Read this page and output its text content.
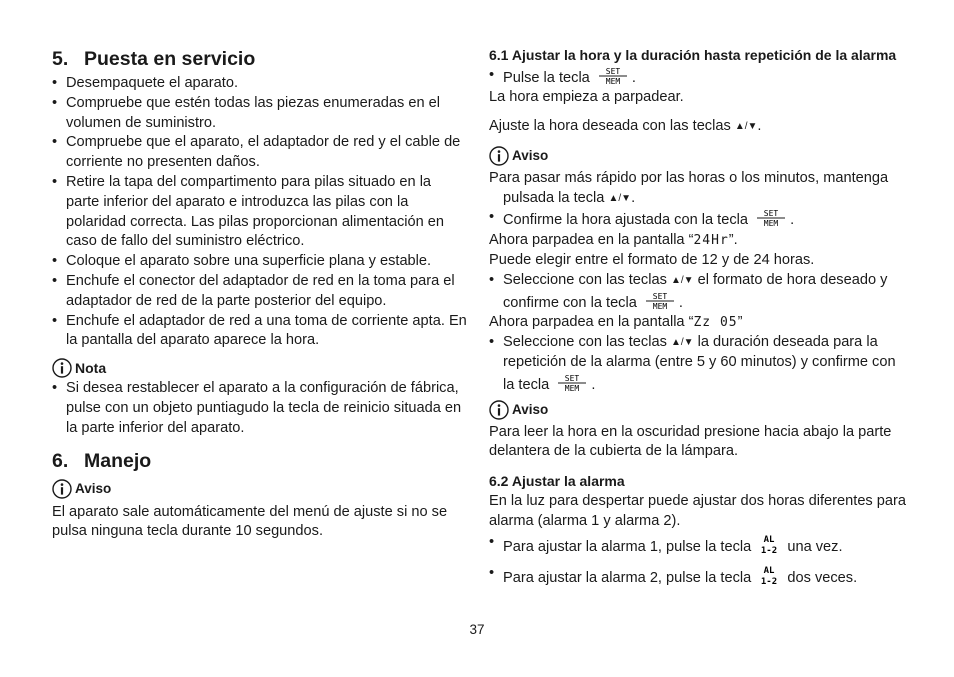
5. Puesta en servicio
• Desempaquete el aparato.
• Compruebe que estén todas las piezas enumeradas en el volumen de suministro.
• Compruebe que el aparato, el adaptador de red y el cable de corriente no presenten daños.
• Retire la tapa del compartimento para pilas situado en la parte inferior del aparato e introduzca las pilas con la polaridad correcta. Las pilas proporcionan alimentación en caso de fallo del suministro eléctrico.
• Coloque el aparato sobre una superficie plana y estable.
• Enchufe el conector del adaptador de red en la toma para el adaptador de red de la parte posterior del equipo.
• Enchufe el adaptador de red a una toma de corriente apta. En la pantalla del aparato aparece la hora.
Nota
• Si desea restablecer el aparato a la configuración de fábrica, pulse con un objeto puntiagudo la tecla de reinicio situada en la parte inferior del aparato.
6. Manejo
Aviso

El aparato sale automáticamente del menú de ajuste si no se pulsa ninguna tecla durante 10 segundos.

6.1 Ajustar la hora y la duración hasta repetición de la alarma
• Pulse la tecla SET
MEM .

La hora empieza a parpadear.

Ajuste la hora deseada con las teclas ▲/▼.

Aviso

Para pasar más rápido por las horas o los minutos, mantenga pulsada la tecla ▲/▼.

• Confirme la hora ajustada con la tecla SET
MEM .

Ahora parpadea en la pantalla “24Hr”.

Puede elegir entre el formato de 12 y de 24 horas.

• Seleccione con las teclas ▲/▼ el formato de hora deseado y confirme con la tecla SET
MEM .

Ahora parpadea en la pantalla “Zz 05”

• Seleccione con las teclas ▲/▼ la duración deseada para la repetición de la alarma (entre 5 y 60 minutos) y confirme con la tecla SET
MEM .
Aviso

Para leer la hora en la oscuridad presione hacia abajo la parte delantera de la cubierta de la lámpara.

6.2 Ajustar la alarma

En la luz para despertar puede ajustar dos horas diferentes para alarma (alarma 1 y alarma 2).

• Para ajustar la alarma 1, pulse la tecla AL
1-2 una vez.
• Para ajustar la alarma 2, pulse la tecla AL
1-2 dos veces.
37
